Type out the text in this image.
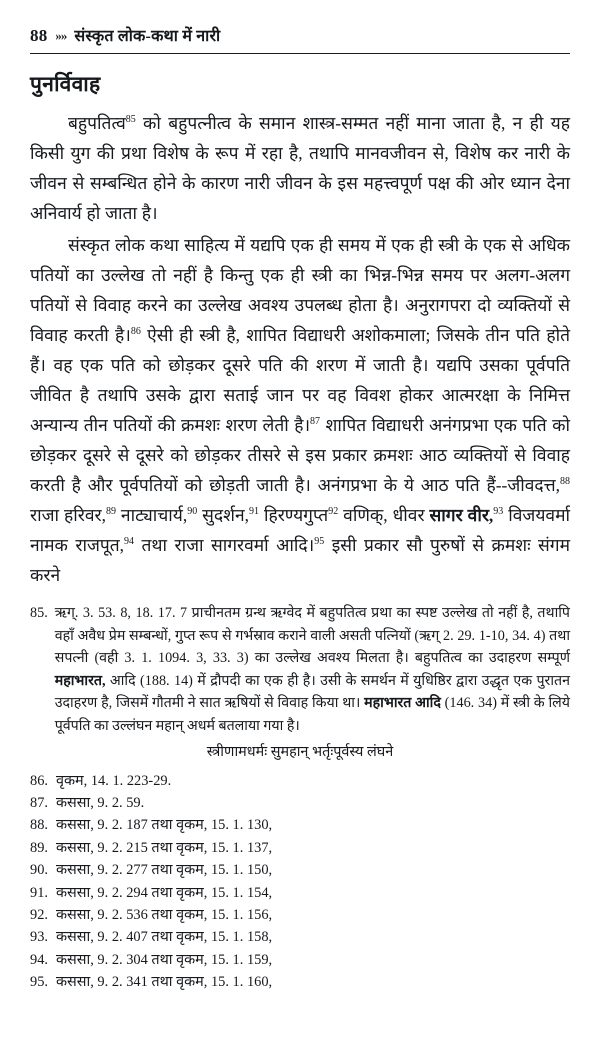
88 »» संस्कृत लोक-कथा में नारी
पुनर्विवाह

बहुपतित्व$^{85}$ को बहुपत्नीत्व के समान शास्त्र-सम्मत नहीं माना जाता है, न ही यह किसी युग की प्रथा विशेष के रूप में रहा है, तथापि मानवजीवन से, विशेष कर नारी के जीवन से सम्बन्धित होने के कारण नारी जीवन के इस महत्त्वपूर्ण पक्ष की ओर ध्यान देना अनिवार्य हो जाता है।

संस्कृत लोक कथा साहित्य में यद्यपि एक ही समय में एक ही स्त्री के एक से अधिक पतियों का उल्लेख तो नहीं है किन्तु एक ही स्त्री का भिन्न-भिन्न समय पर अलग-अलग पतियों से विवाह करने का उल्लेख अवश्य उपलब्ध होता है। अनुरागपरा दो व्यक्तियों से विवाह करती है।$^{86}$ ऐसी ही स्त्री है, शापित विद्याधरी अशोकमाला; जिसके तीन पति होते हैं। वह एक पति को छोड़कर दूसरे पति की शरण में जाती है। यद्यपि उसका पूर्वपति जीवित है तथापि उसके द्वारा सताई जान पर वह विवश होकर आत्मरक्षा के निमित्त अन्यान्य तीन पतियों की क्रमशः शरण लेती है।$^{87}$ शापित विद्याधरी अनंगप्रभा एक पति को छोड़कर दूसरे से दूसरे को छोड़कर तीसरे से इस प्रकार क्रमशः आठ व्यक्तियों से विवाह करती है और पूर्वपतियों को छोड़ती जाती है। अनंगप्रभा के ये आठ पति हैं--जीवदत्त,$^{88}$ राजा हरिवर,$^{89}$ नाट्याचार्य,$^{90}$ सुदर्शन,$^{91}$ हिरण्यगुप्त$^{92}$ वणिक्, धीवर सागर वीर,$^{93}$ विजयवर्मा नामक राजपूत,$^{94}$ तथा राजा सागरवर्मा आदि।$^{95}$ इसी प्रकार सौ पुरुषों से क्रमशः संगम करने

85. ऋग्. 3. 53. 8, 18. 17. 7 प्राचीनतम ग्रन्थ ऋग्वेद में बहुपतित्व प्रथा का स्पष्ट उल्लेख तो नहीं है, तथापि वहाँ अवैध प्रेम सम्बन्धों, गुप्त रूप से गर्भस्राव कराने वाली असती पत्नियों (ऋग् 2. 29. 1-10, 34. 4) तथा सपत्नी (वही 3. 1. 1094. 3, 33. 3) का उल्लेख अवश्य मिलता है। बहुपतित्व का उदाहरण सम्पूर्ण महाभारत, आदि (188. 14) में द्रौपदी का एक ही है। उसी के समर्थन में युधिष्ठिर द्वारा उद्धृत एक पुरातन उदाहरण है, जिसमें गौतमी ने सात ऋषियों से विवाह किया था। महाभारत आदि (146. 34) में स्त्री के लिये पूर्वपति का उल्लंघन महान् अधर्म बतलाया गया है।
स्त्रीणामधर्मः सुमहान् भर्तृःपूर्वस्य लंघने
86. वृकम, 14. 1. 223-29.
87. कससा, 9. 2. 59.
88. कससा, 9. 2. 187 तथा वृकम, 15. 1. 130,
89. कससा, 9. 2. 215 तथा वृकम, 15. 1. 137,
90. कससा, 9. 2. 277 तथा वृकम, 15. 1. 150,
91. कससा, 9. 2. 294 तथा वृकम, 15. 1. 154,
92. कससा, 9. 2. 536 तथा वृकम, 15. 1. 156,
93. कससा, 9. 2. 407 तथा वृकम, 15. 1. 158,
94. कससा, 9. 2. 304 तथा वृकम, 15. 1. 159,
95. कससा, 9. 2. 341 तथा वृकम, 15. 1. 160,
